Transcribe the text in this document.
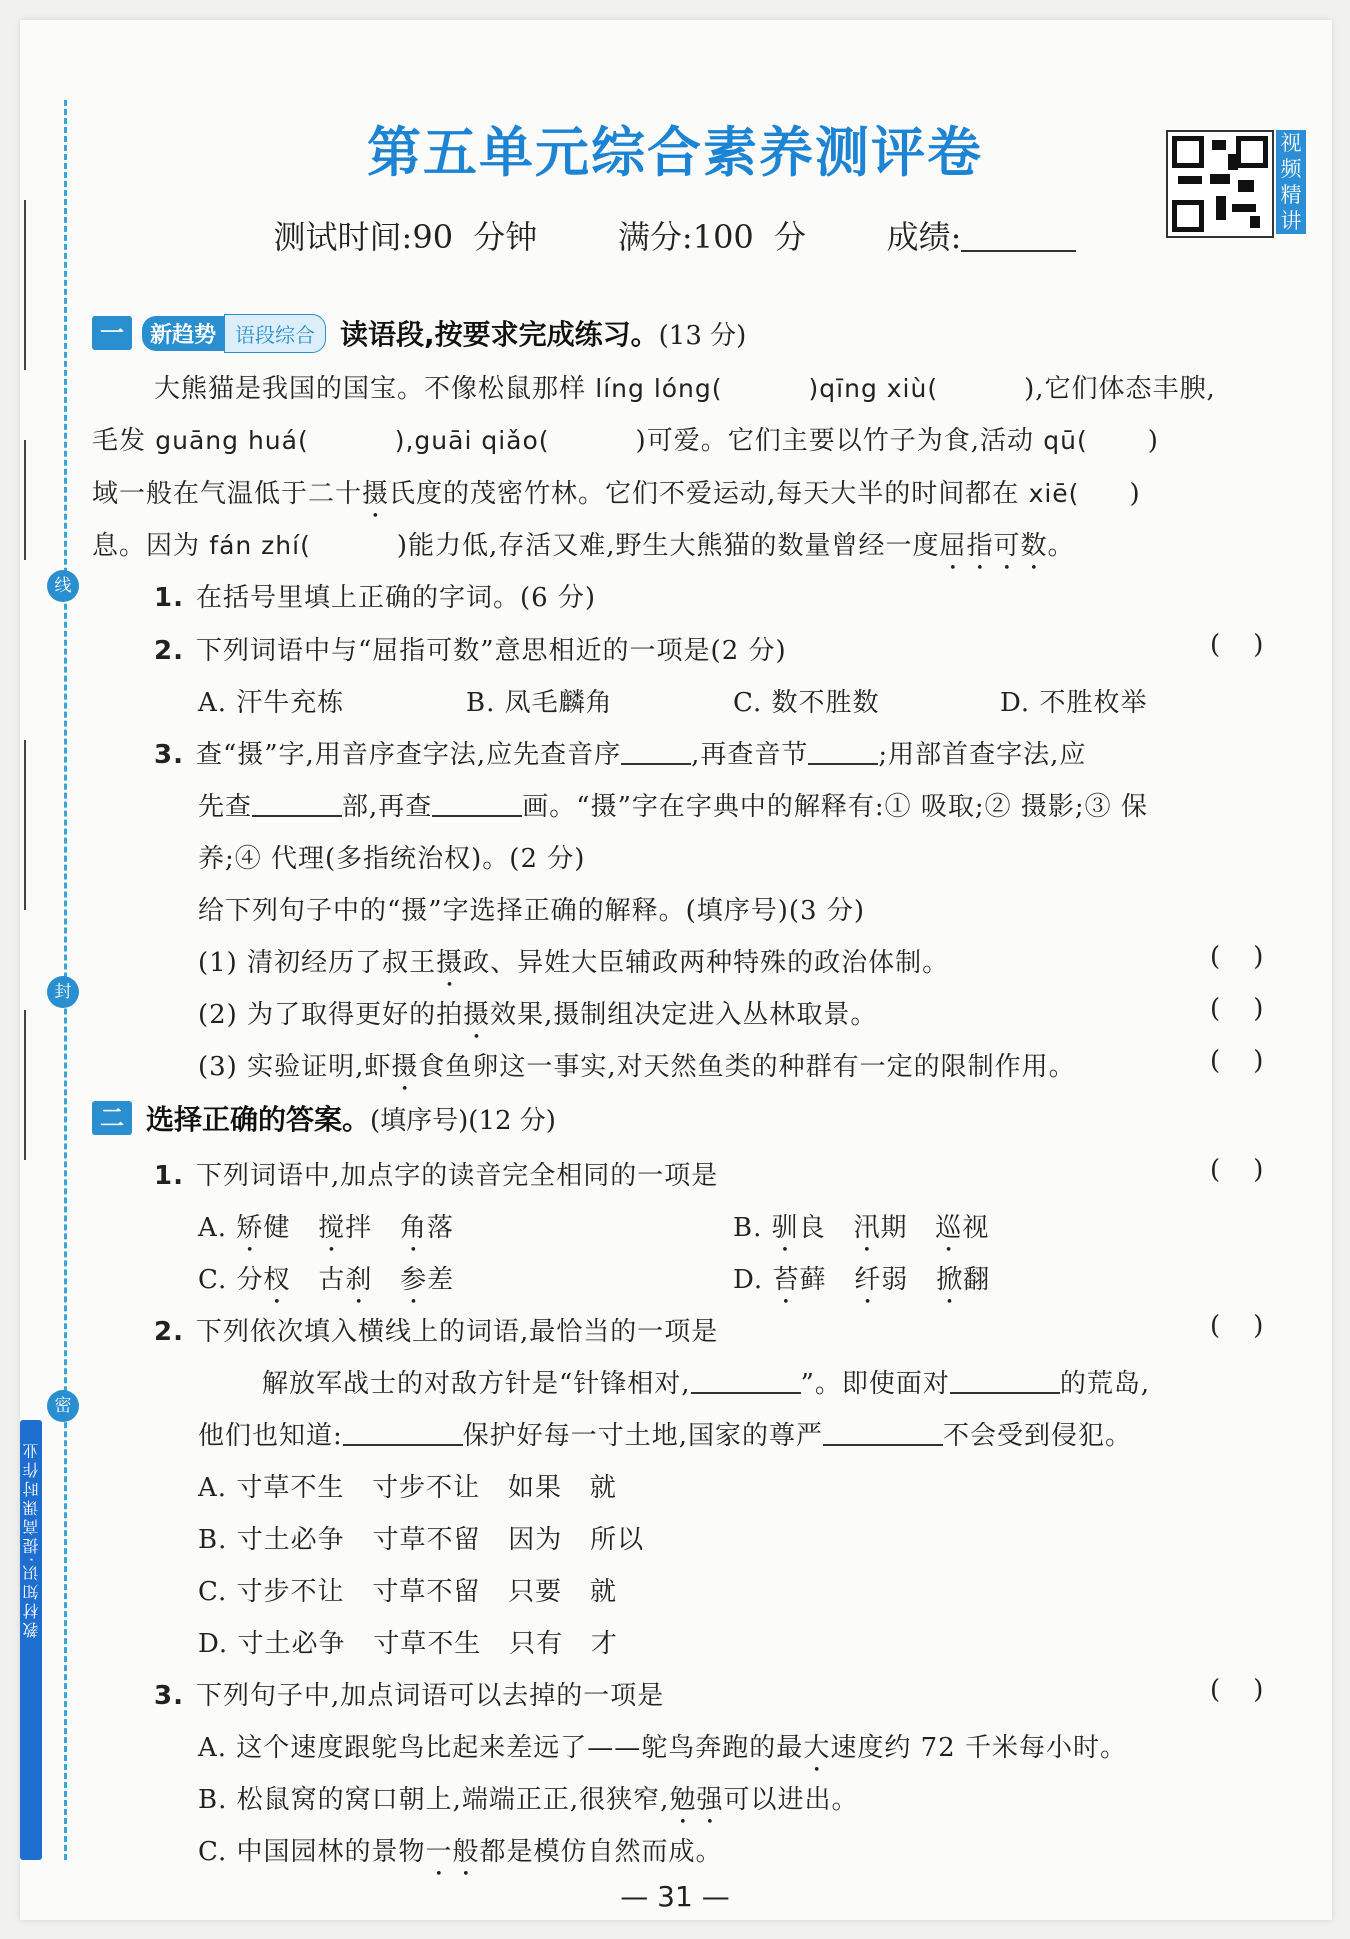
线
封
密
教材知识·提高课时作业
第五单元综合素养测评卷
测试时间:90 分钟	满分:100 分	成绩:
视频精讲
一	新趋势 语段综合 读语段,按要求完成练习。(13 分)
大熊猫是我国的国宝。不像松鼠那样 líng lóng(	)qīng xiù(	),它们体态丰腴,
毛发 guāng huá(	),guāi qiǎo(	)可爱。它们主要以竹子为食,活动 qū( )
域一般在气温低于二十摄氏度的茂密竹林。它们不爱运动,每天大半的时间都在 xiē( )
息。因为 fán zhí(	)能力低,存活又难,野生大熊猫的数量曾经一度屈指可数。
1. 在括号里填上正确的字词。(6 分)
2. 下列词语中与“屈指可数”意思相近的一项是(2 分)	(    )
A. 汗牛充栋	B. 凤毛麟角	C. 数不胜数	D. 不胜枚举
3. 查“摄”字,用音序查字法,应先查音序	,再查音节	;用部首查字法,应
先查	部,再查	画。“摄”字在字典中的解释有:① 吸取;② 摄影;③ 保
养;④ 代理(多指统治权)。(2 分)
给下列句子中的“摄”字选择正确的解释。(填序号)(3 分)
(1) 清初经历了叔王摄政、异姓大臣辅政两种特殊的政治体制。	(    )
(2) 为了取得更好的拍摄效果,摄制组决定进入丛林取景。	(    )
(3) 实验证明,虾摄食鱼卵这一事实,对天然鱼类的种群有一定的限制作用。	(    )
二 选择正确的答案。(填序号)(12 分)
1. 下列词语中,加点字的读音完全相同的一项是	(    )
A. 矫健 搅拌 角落	B. 驯良 汛期 巡视
C. 分杈 古刹 参差	D. 苔藓 纤弱 掀翻
2. 下列依次填入横线上的词语,最恰当的一项是	(    )
解放军战士的对敌方针是“针锋相对,	”。即使面对	的荒岛,
他们也知道:	保护好每一寸土地,国家的尊严	不会受到侵犯。
A. 寸草不生 寸步不让 如果 就
B. 寸土必争 寸草不留 因为 所以
C. 寸步不让 寸草不留 只要 就
D. 寸土必争 寸草不生 只有 才
3. 下列句子中,加点词语可以去掉的一项是	(    )
A. 这个速度跟鸵鸟比起来差远了——鸵鸟奔跑的最大速度约 72 千米每小时。
B. 松鼠窝的窝口朝上,端端正正,很狭窄,勉强可以进出。
C. 中国园林的景物一般都是模仿自然而成。
— 31 —
